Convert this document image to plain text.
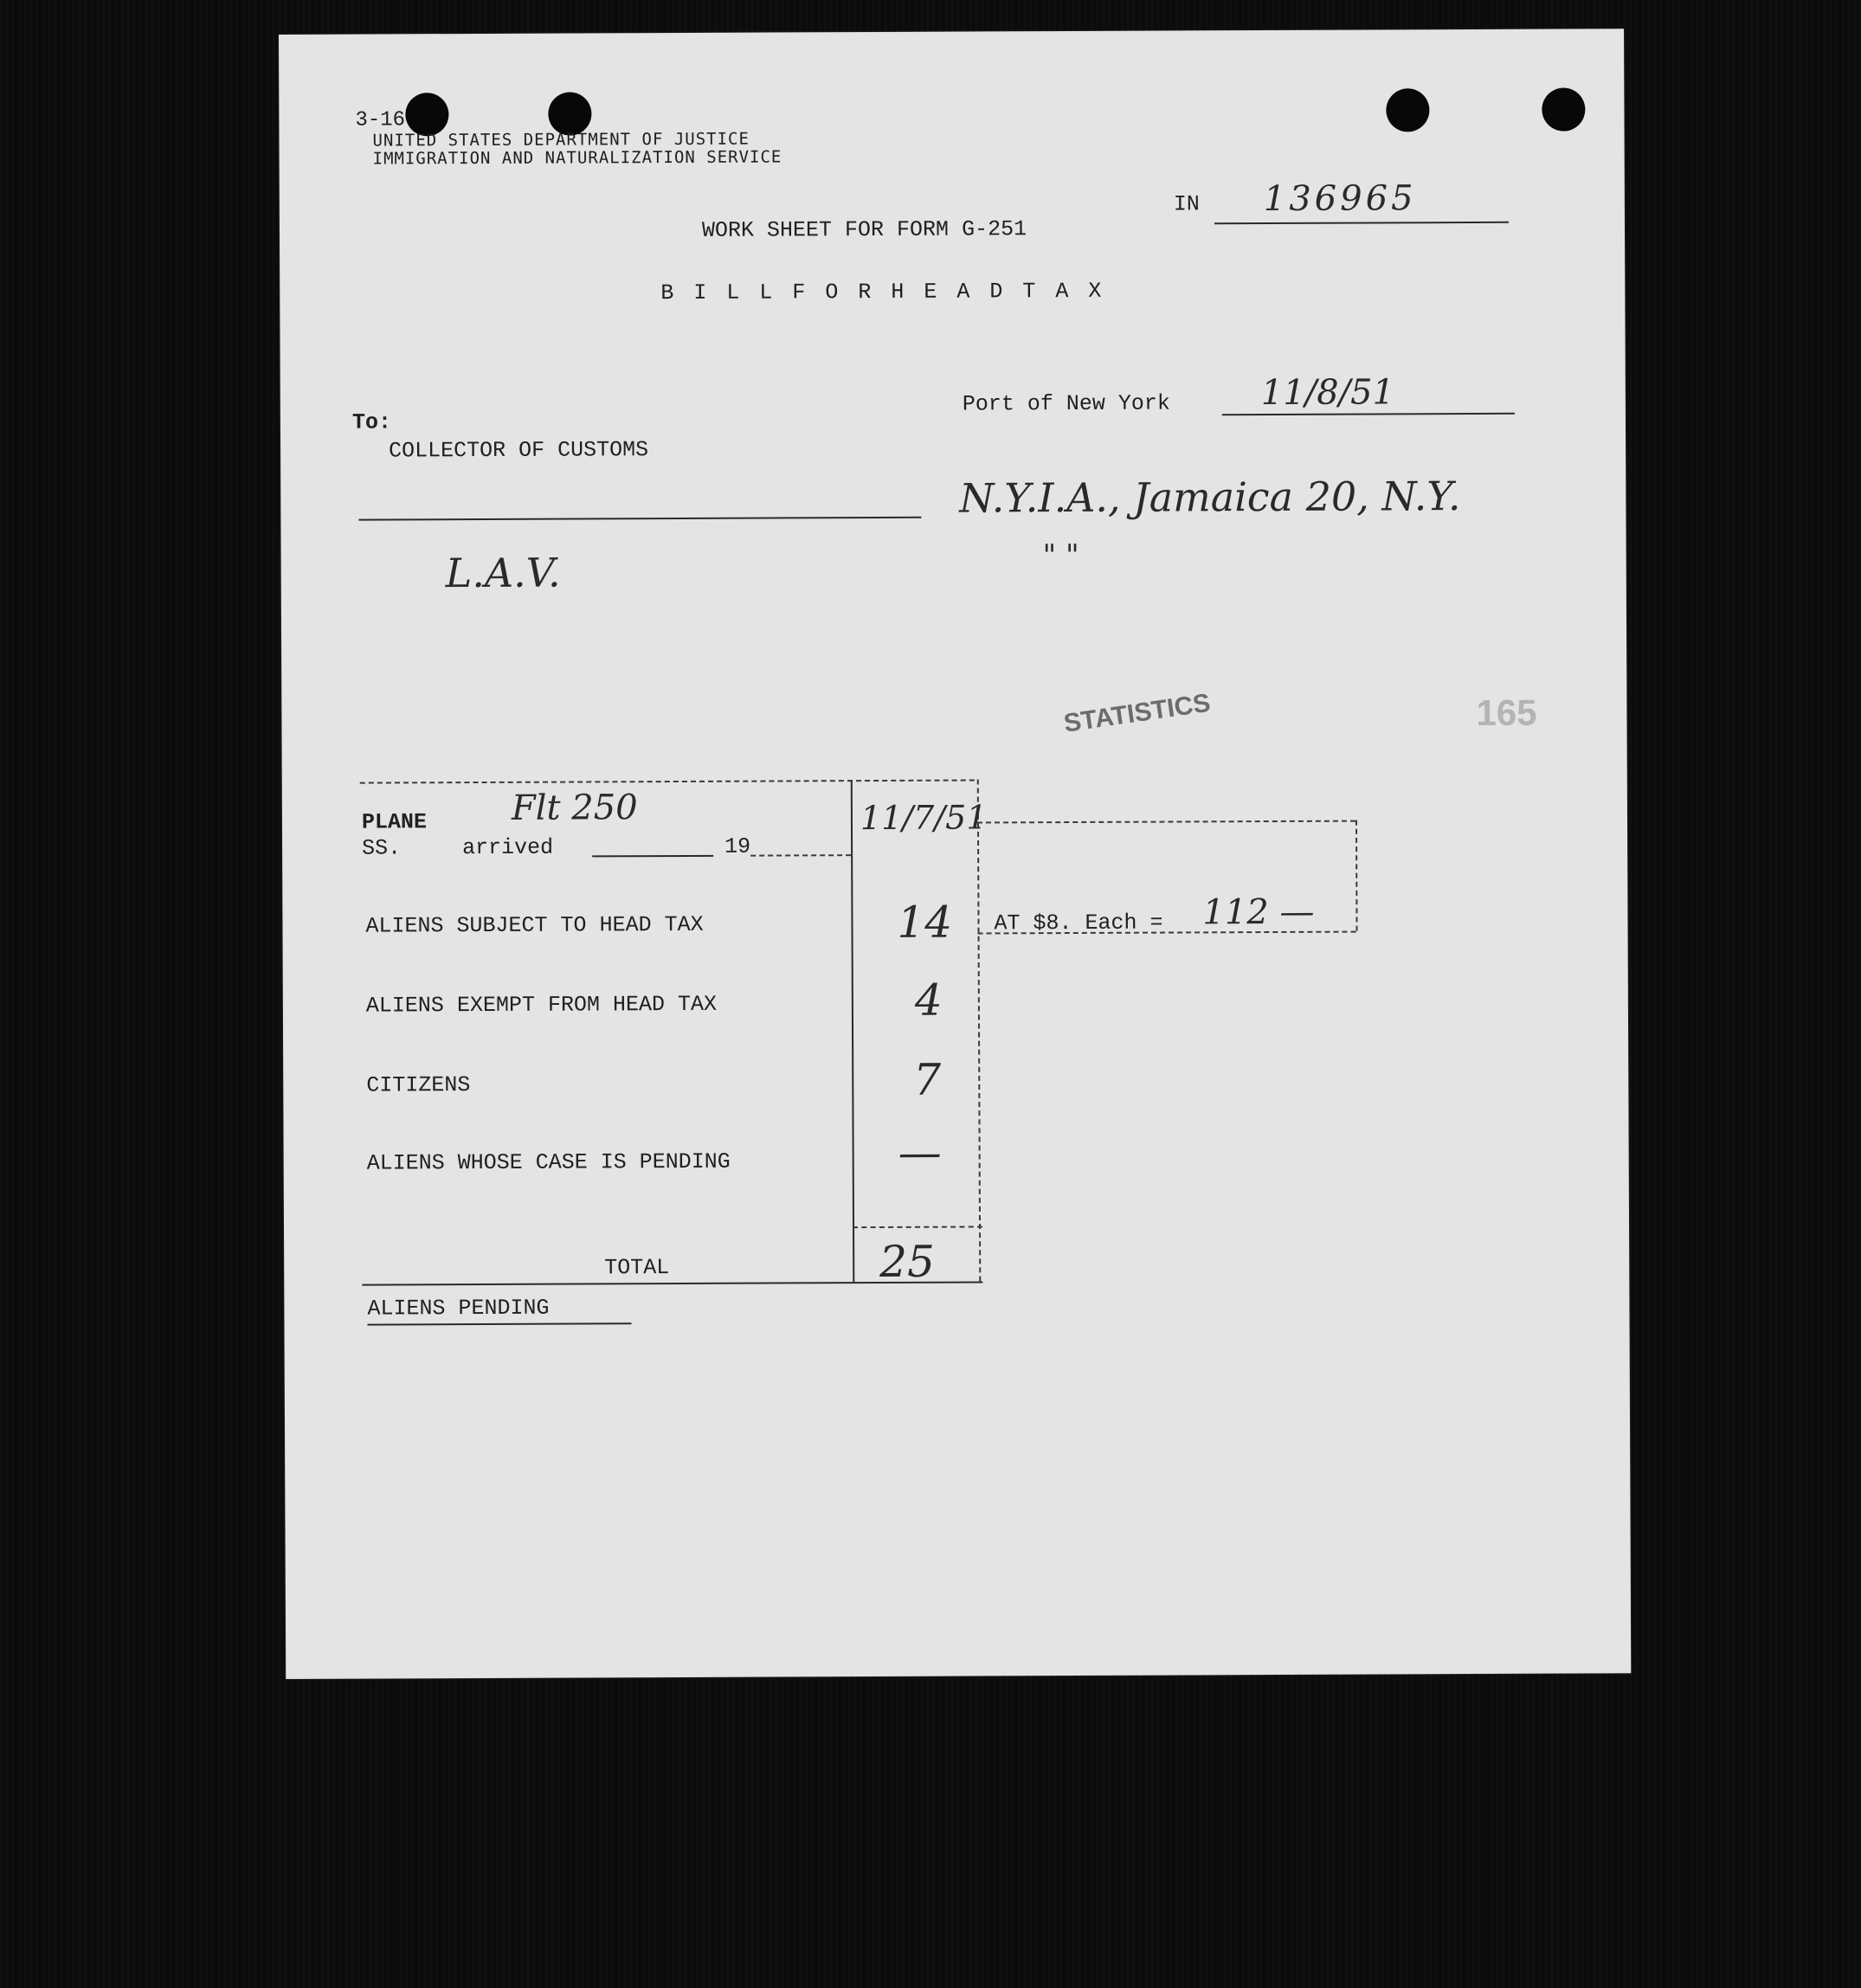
3-16
UNITED STATES DEPARTMENT OF JUSTICE
IMMIGRATION AND NATURALIZATION SERVICE
IN 136965
WORK SHEET FOR FORM G-251
B I L L F O R H E A D T A X
Port of New York	11/8/51
To:
COLLECTOR OF CUSTOMS
N.Y.I.A., Jamaica 20, N.Y.
" "
L.A.V.
STATISTICS	165
PLANE Flt 250
SS.	arrived	19
11/7/51
ALIENS SUBJECT TO HEAD TAX	14 AT $8. Each = 112 —
ALIENS EXEMPT FROM HEAD TAX	4
CITIZENS	7
ALIENS WHOSE CASE IS PENDING	—
TOTAL	25
ALIENS PENDING
